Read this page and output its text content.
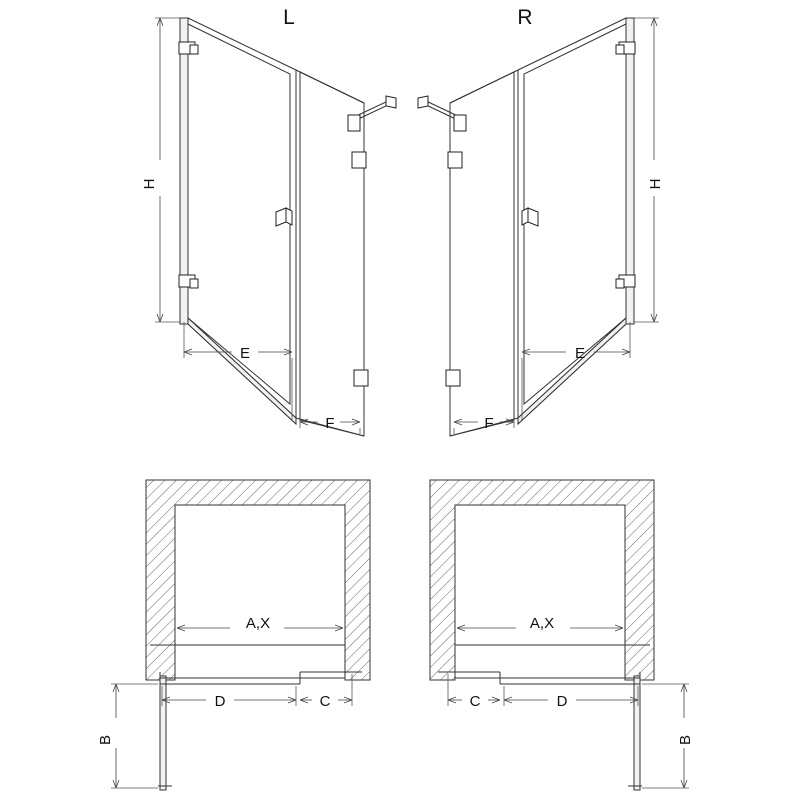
L
H
E
F
R
H
E
F
A,X
D	C
B
A,X
C	D
B
